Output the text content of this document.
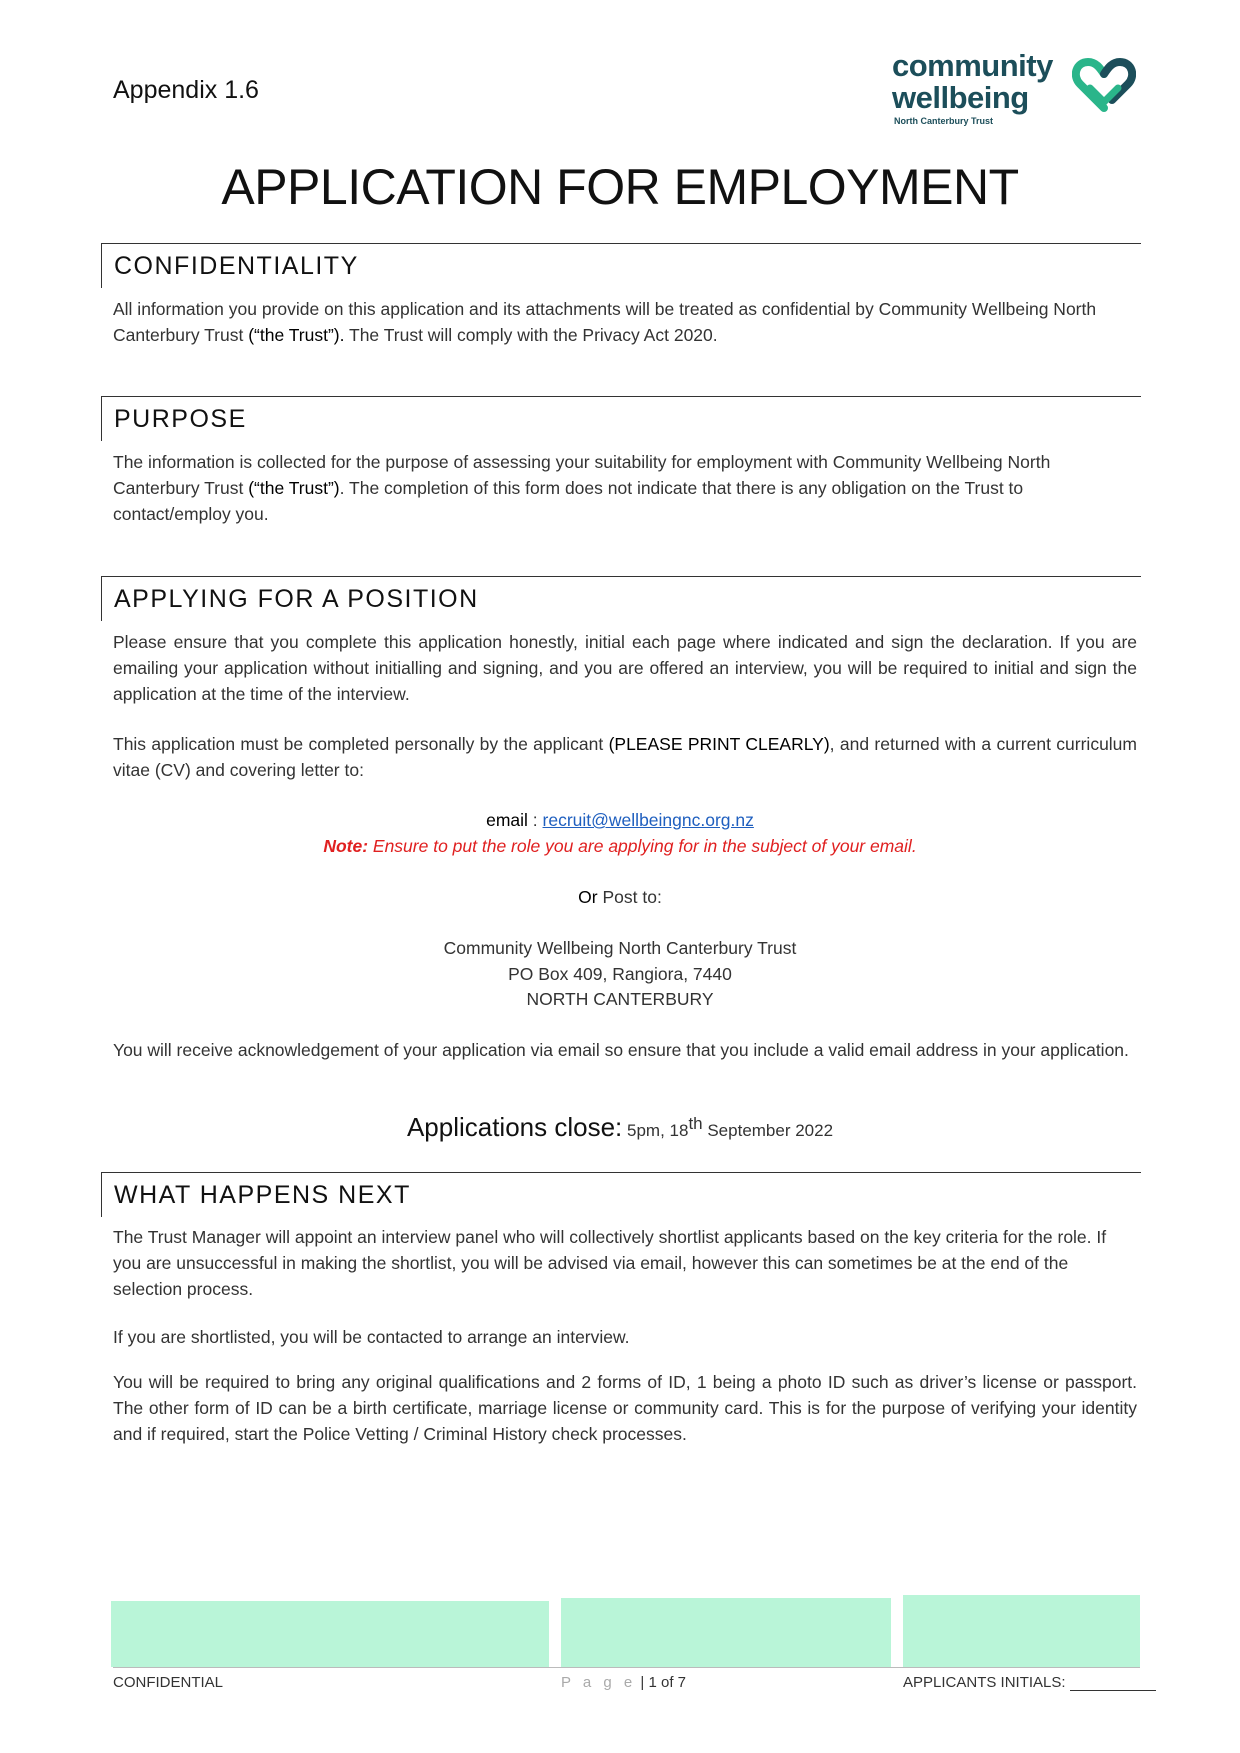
Appendix 1.6
community
wellbeing
North Canterbury Trust
APPLICATION FOR EMPLOYMENT
CONFIDENTIALITY
All information you provide on this application and its attachments will be treated as confidential by Community Wellbeing North Canterbury Trust (“the Trust”). The Trust will comply with the Privacy Act 2020.
PURPOSE
The information is collected for the purpose of assessing your suitability for employment with Community Wellbeing North Canterbury Trust (“the Trust”). The completion of this form does not indicate that there is any obligation on the Trust to contact/employ you.
APPLYING FOR A POSITION
Please ensure that you complete this application honestly, initial each page where indicated and sign the declaration. If you are emailing your application without initialling and signing, and you are offered an interview, you will be required to initial and sign the application at the time of the interview.
This application must be completed personally by the applicant (PLEASE PRINT CLEARLY), and returned with a current curriculum vitae (CV) and covering letter to:
email : recruit@wellbeingnc.org.nz
Note: Ensure to put the role you are applying for in the subject of your email.
Or Post to:
Community Wellbeing North Canterbury Trust
PO Box 409, Rangiora, 7440
NORTH CANTERBURY
You will receive acknowledgement of your application via email so ensure that you include a valid email address in your application.
Applications close: 5pm, 18th September 2022
WHAT HAPPENS NEXT
The Trust Manager will appoint an interview panel who will collectively shortlist applicants based on the key criteria for the role. If you are unsuccessful in making the shortlist, you will be advised via email, however this can sometimes be at the end of the selection process.
If you are shortlisted, you will be contacted to arrange an interview.
You will be required to bring any original qualifications and 2 forms of ID, 1 being a photo ID such as driver’s license or passport. The other form of ID can be a birth certificate, marriage license or community card. This is for the purpose of verifying your identity and if required, start the Police Vetting / Criminal History check processes.
CONFIDENTIAL	P a g e | 1 of 7	APPLICANTS INITIALS:
